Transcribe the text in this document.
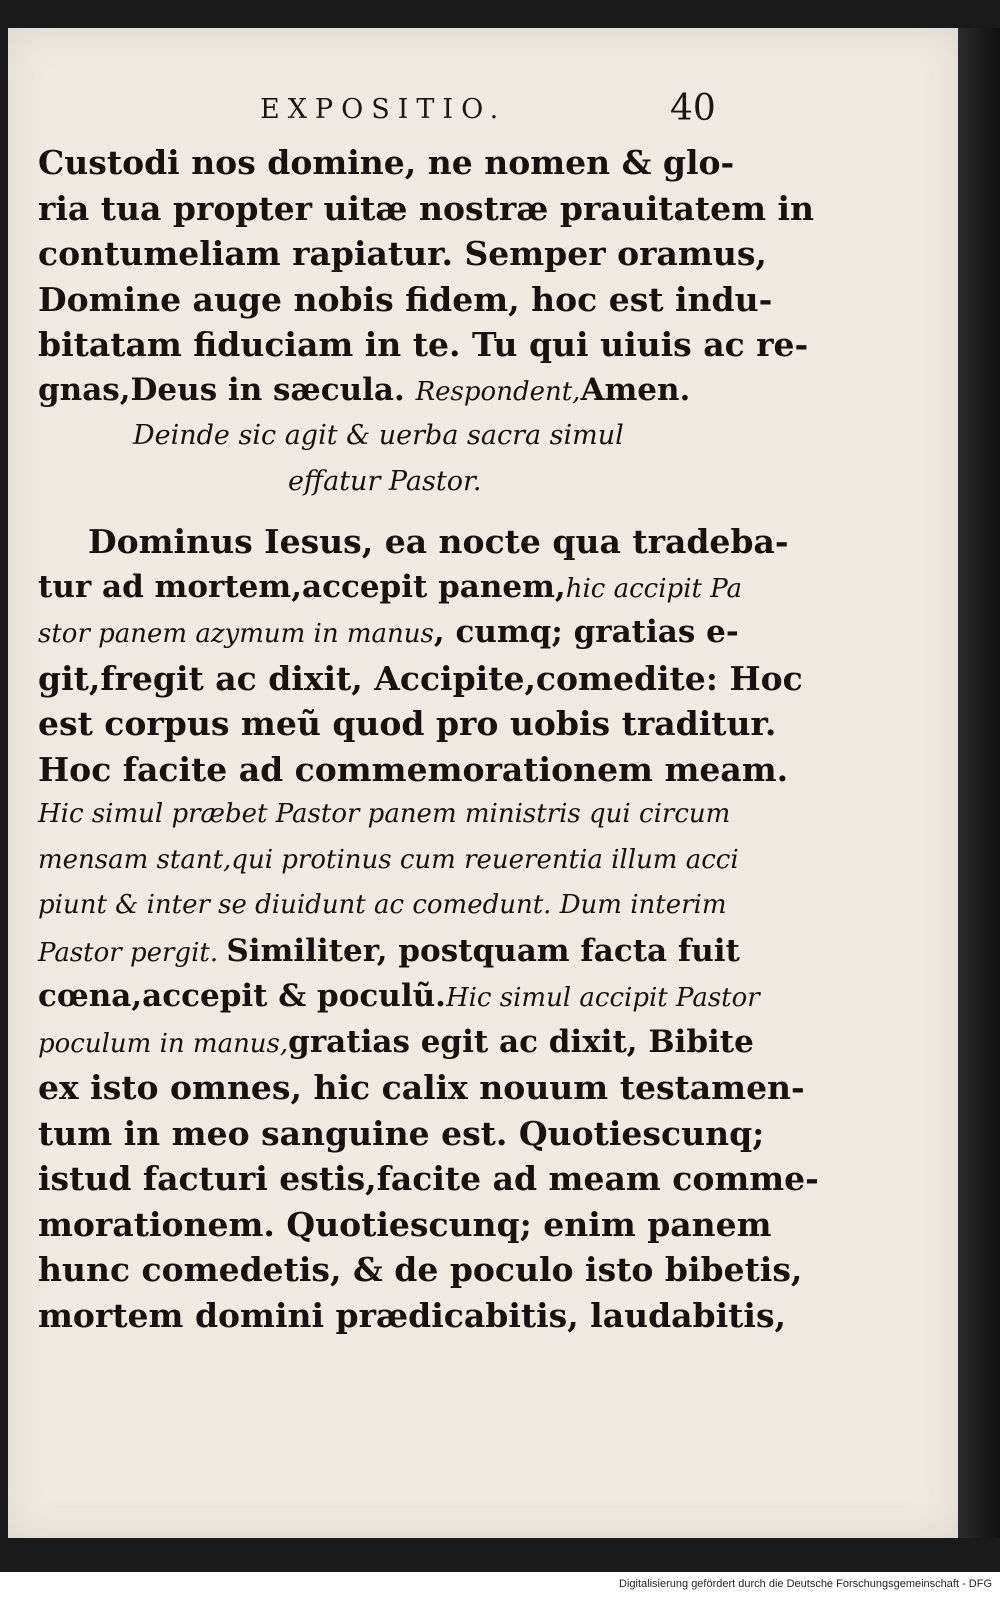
EXPOSITIO.	40
Custodi nos domine, ne nomen & glo-
ria tua propter uitæ nostræ prauitatem in
contumeliam rapiatur. Semper oramus,
Domine auge nobis fidem, hoc est indu-
bitatam fiduciam in te. Tu qui uiuis ac re-
gnas,Deus in sæcula. Respondent,Amen.
Deinde sic agit & uerba sacra simul
effatur Pastor.
Dominus Iesus, ea nocte qua tradeba-
tur ad mortem,accepit panem,hic accipit Pa
stor panem azymum in manus, cumq; gratias e-
git,fregit ac dixit, Accipite,comedite: Hoc
est corpus meũ quod pro uobis traditur.
Hoc facite ad commemorationem meam.
Hic simul præbet Pastor panem ministris qui circum
mensam stant,qui protinus cum reuerentia illum acci
piunt & inter se diuidunt ac comedunt. Dum interim
Pastor pergit. Similiter, postquam facta fuit
cœna,accepit & poculũ.Hic simul accipit Pastor
poculum in manus,gratias egit ac dixit, Bibite
ex isto omnes, hic calix nouum testamen-
tum in meo sanguine est. Quotiescunq;
istud facturi estis,facite ad meam comme-
morationem. Quotiescunq; enim panem
hunc comedetis, & de poculo isto bibetis,
mortem domini prædicabitis, laudabitis,
Digitalisierung gefördert durch die Deutsche Forschungsgemeinschaft - DFG
